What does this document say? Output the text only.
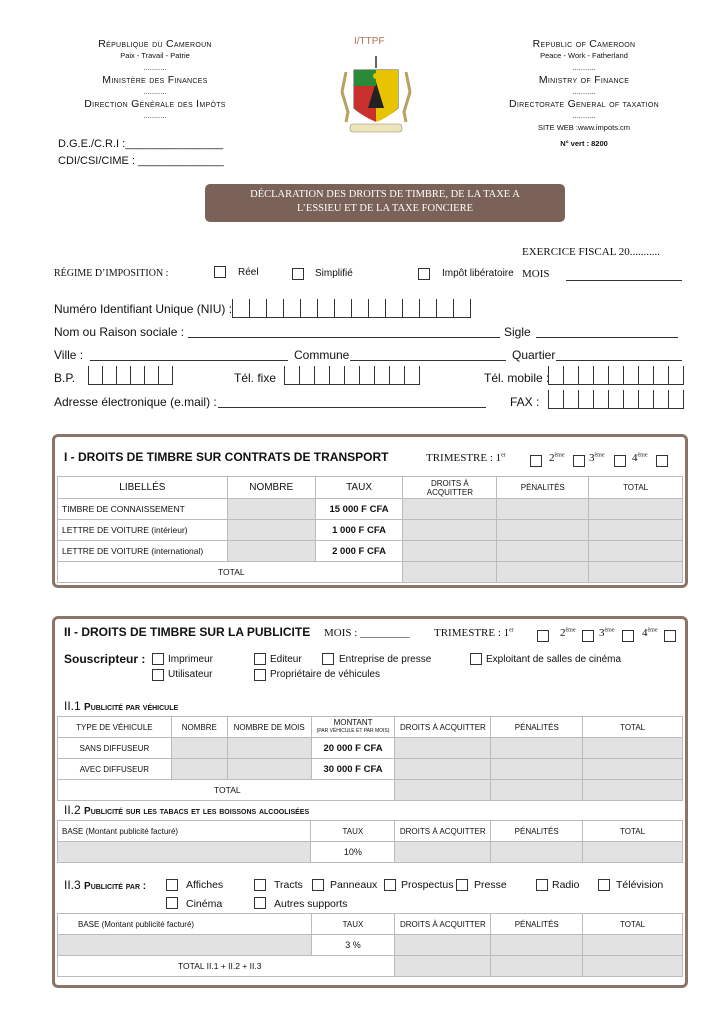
République du Cameroun
Paix - Travail - Patrie
...........
Ministère des Finances
...........
Direction Générale des Impôts
...........
Republic of Cameroon
Peace - Work - Fatherland
...........
Ministry of Finance
...........
Directorate General of taxation
...........
SITE WEB :www.impots.cm
N° vert : 8200
I/TTPF
D.G.E./C.R.I :________________
CDI/CSI/CIME : ______________
DÉCLARATION DES DROITS DE TIMBRE, DE LA TAXE A
L’ESSIEU ET DE LA TAXE FONCIERE
EXERCICE FISCAL 20...........
MOIS
RÉGIME D’IMPOSITION :	Réel	Simplifié	Impôt libératoire
Numéro Identifiant Unique (NIU) :
Nom ou Raison sociale :	Sigle
Ville :	Commune	Quartier
B.P.	Tél. fixe	Tél. mobile :
Adresse électronique (e.mail) :	FAX :
I - DROITS DE TIMBRE SUR CONTRATS DE TRANSPORT	TRIMESTRE : 1er	2ème 3ème	4ème
LIBELLÉS	NOMBRE	TAUX	DROITS À ACQUITTER	PÉNALITÉS	TOTAL
TIMBRE DE CONNAISSEMENT		15 000 F CFA			
LETTRE DE VOITURE (intérieur)		1 000 F CFA			
LETTRE DE VOITURE (international)		2 000 F CFA			
TOTAL					
II - DROITS DE TIMBRE SUR LA PUBLICITE MOIS : _________ TRIMESTRE : 1er	2ème 3ème	4ème
Souscripteur : Imprimeur	Editeur	Entreprise de presse	Exploitant de salles de cinéma
Utilisateur	Propriétaire de véhicules
II.1 Publicité par véhicule
TYPE DE VÉHICULE	NOMBRE	NOMBRE DE MOIS	MONTANT
(PAR VÉHICULE ET PAR MOIS)	DROITS À ACQUITTER	PÉNALITÉS	TOTAL
SANS DIFFUSEUR			20 000 F CFA			
AVEC DIFFUSEUR			30 000 F CFA			
TOTAL						
II.2 Publicité sur les tabacs et les boissons alcoolisées
BASE (Montant publicité facturé)	TAUX	DROITS À ACQUITTER	PÉNALITÉS	TOTAL
	10%			
II.3 Publicité par :	Affiches	Tracts	Panneaux Prospectus Presse	Radio	Télévision
Cinéma	Autres supports
BASE (Montant publicité facturé)	TAUX	DROITS À ACQUITTER	PÉNALITÉS	TOTAL
	3 %			
TOTAL II.1 + II.2 + II.3				
